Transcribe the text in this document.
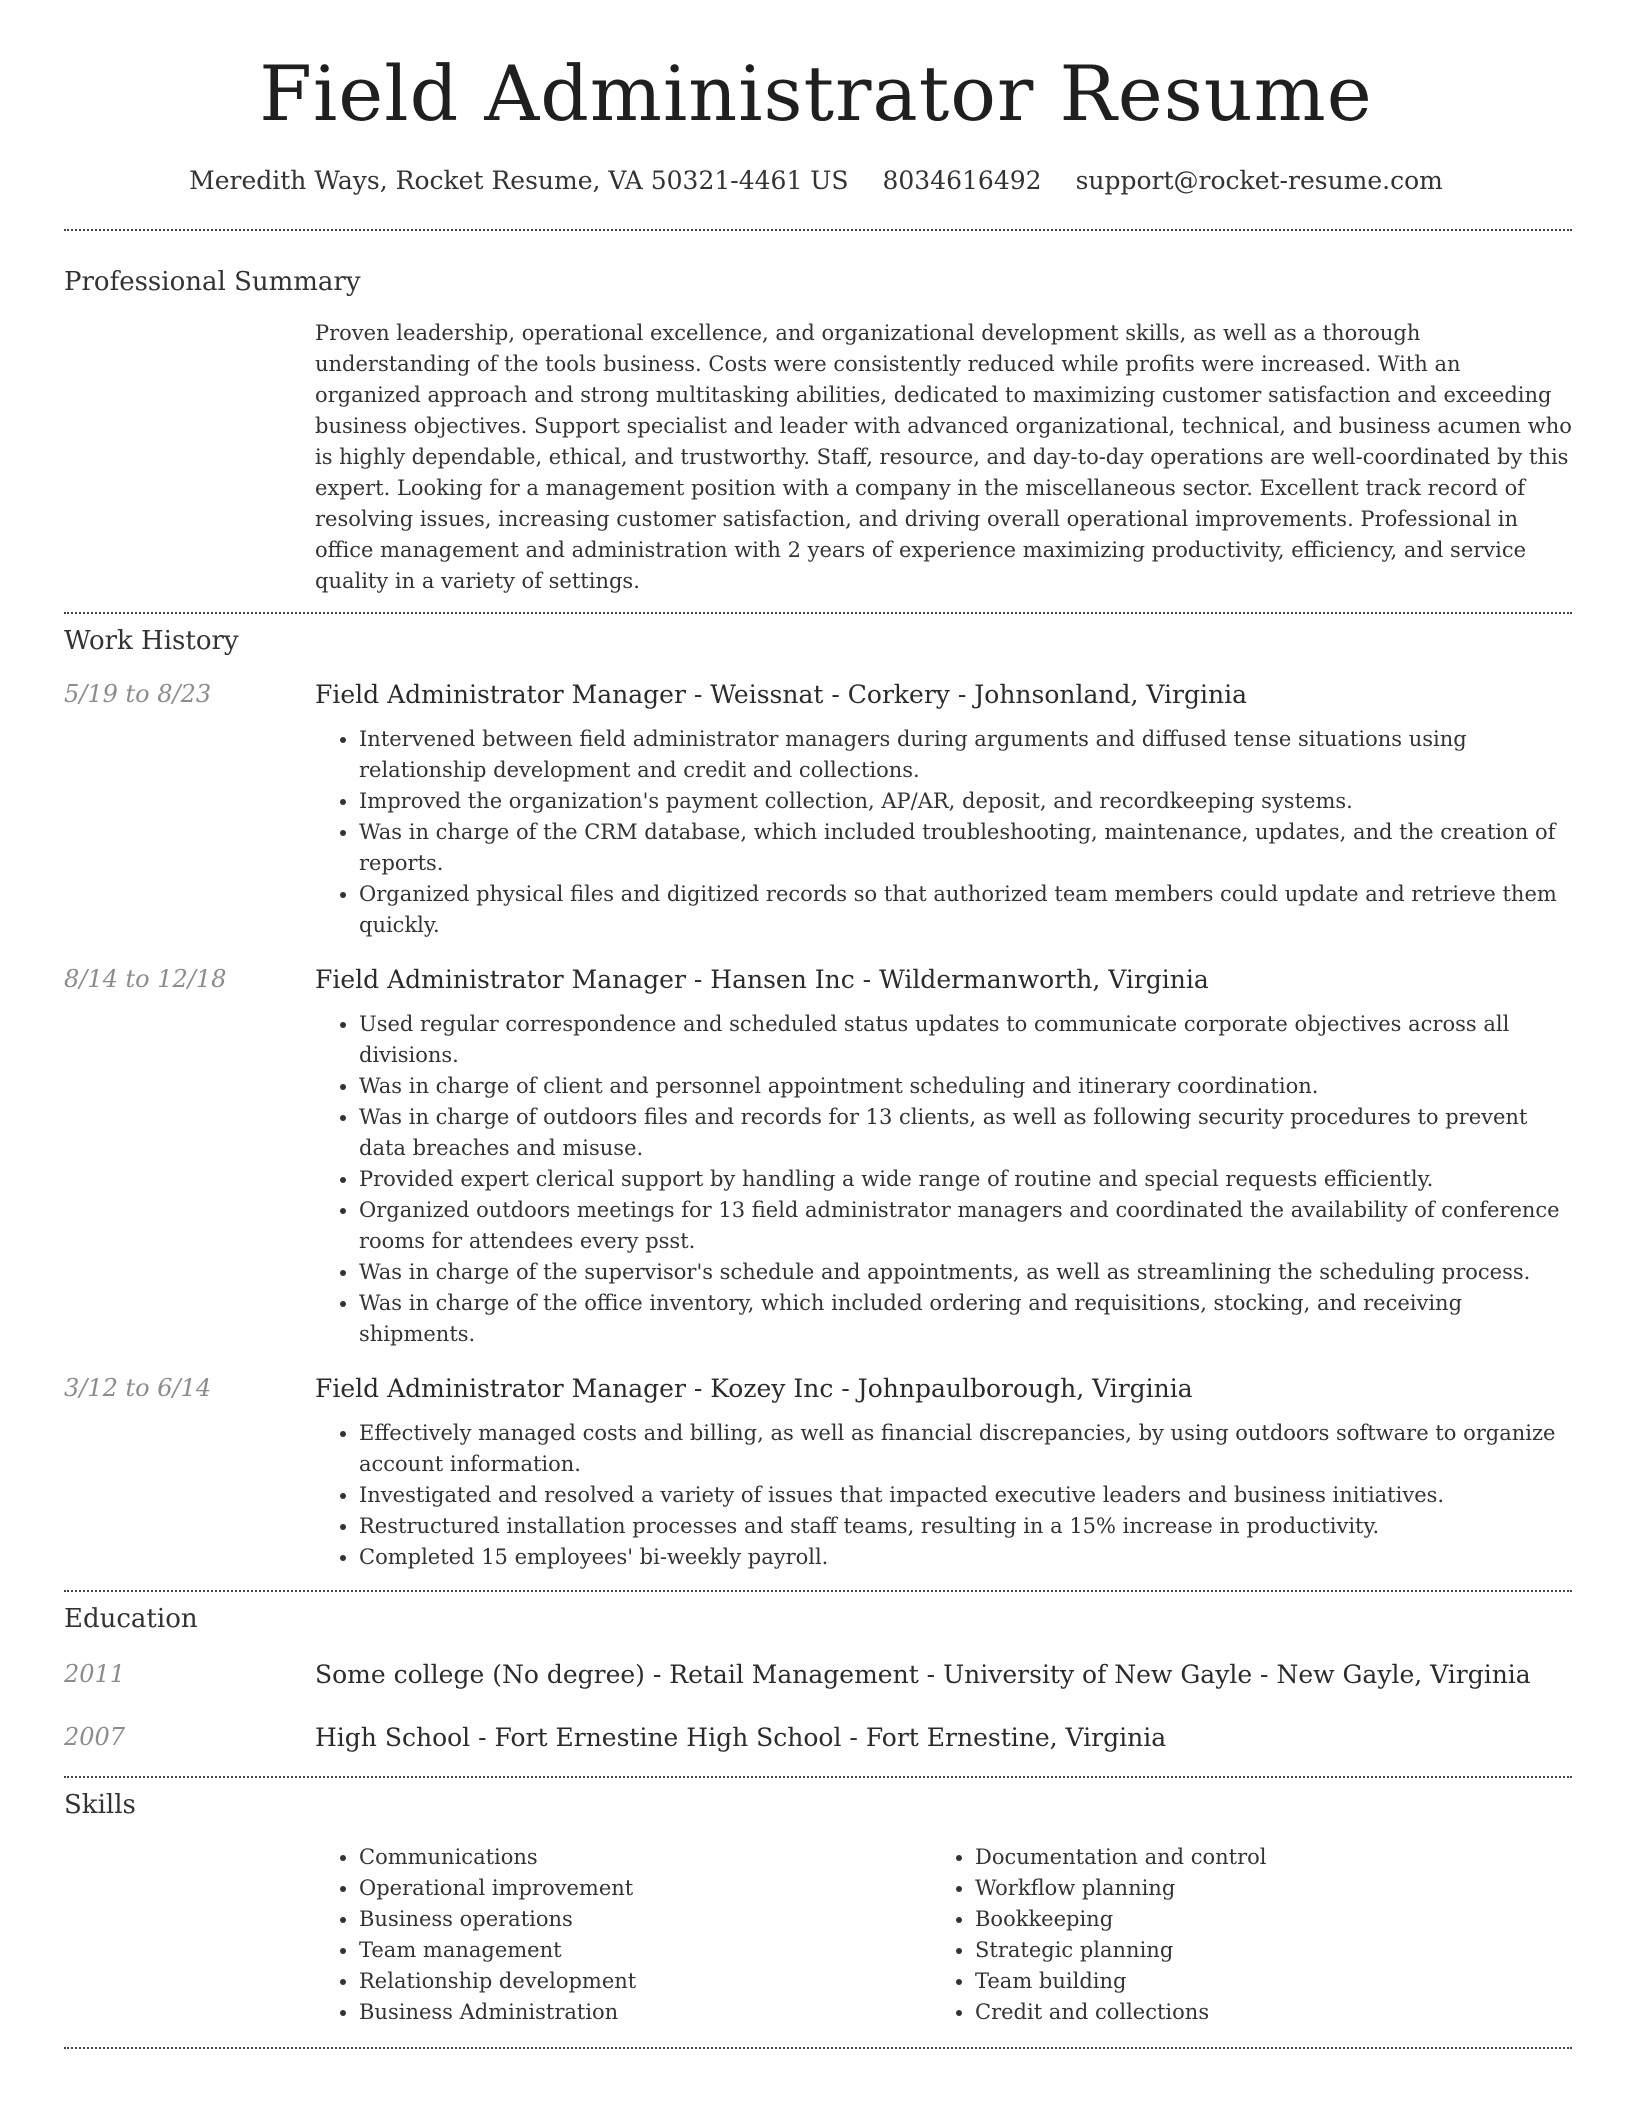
Field Administrator Resume
Meredith Ways, Rocket Resume, VA 50321-4461 US 8034616492 support@rocket-resume.com
Professional Summary

Proven leadership, operational excellence, and organizational development skills, as well as a thorough understanding of the tools business. Costs were consistently reduced while profits were increased. With an organized approach and strong multitasking abilities, dedicated to maximizing customer satisfaction and exceeding business objectives. Support specialist and leader with advanced organizational, technical, and business acumen who is highly dependable, ethical, and trustworthy. Staff, resource, and day-to-day operations are well-coordinated by this expert. Looking for a management position with a company in the miscellaneous sector. Excellent track record of resolving issues, increasing customer satisfaction, and driving overall operational improvements. Professional in office management and administration with 2 years of experience maximizing productivity, efficiency, and service quality in a variety of settings.

Work History
5/19 to 8/23	Field Administrator Manager - Weissnat - Corkery - Johnsonland, Virginia

• Intervened between field administrator managers during arguments and diffused tense situations using relationship development and credit and collections.
• Improved the organization's payment collection, AP/AR, deposit, and recordkeeping systems.
• Was in charge of the CRM database, which included troubleshooting, maintenance, updates, and the creation of reports.
• Organized physical files and digitized records so that authorized team members could update and retrieve them quickly.
8/14 to 12/18	Field Administrator Manager - Hansen Inc - Wildermanworth, Virginia

• Used regular correspondence and scheduled status updates to communicate corporate objectives across all divisions.
• Was in charge of client and personnel appointment scheduling and itinerary coordination.
• Was in charge of outdoors files and records for 13 clients, as well as following security procedures to prevent data breaches and misuse.
• Provided expert clerical support by handling a wide range of routine and special requests efficiently.
• Organized outdoors meetings for 13 field administrator managers and coordinated the availability of conference rooms for attendees every psst.
• Was in charge of the supervisor's schedule and appointments, as well as streamlining the scheduling process.
• Was in charge of the office inventory, which included ordering and requisitions, stocking, and receiving shipments.
3/12 to 6/14	Field Administrator Manager - Kozey Inc - Johnpaulborough, Virginia

• Effectively managed costs and billing, as well as financial discrepancies, by using outdoors software to organize account information.
• Investigated and resolved a variety of issues that impacted executive leaders and business initiatives.
• Restructured installation processes and staff teams, resulting in a 15% increase in productivity.
• Completed 15 employees' bi-weekly payroll.
Education
2011	Some college (No degree) - Retail Management - University of New Gayle - New Gayle, Virginia
2007	High School - Fort Ernestine High School - Fort Ernestine, Virginia
Skills
• Communications
• Operational improvement
• Business operations
• Team management
• Relationship development
• Business Administration
• Documentation and control
• Workflow planning
• Bookkeeping
• Strategic planning
• Team building
• Credit and collections
